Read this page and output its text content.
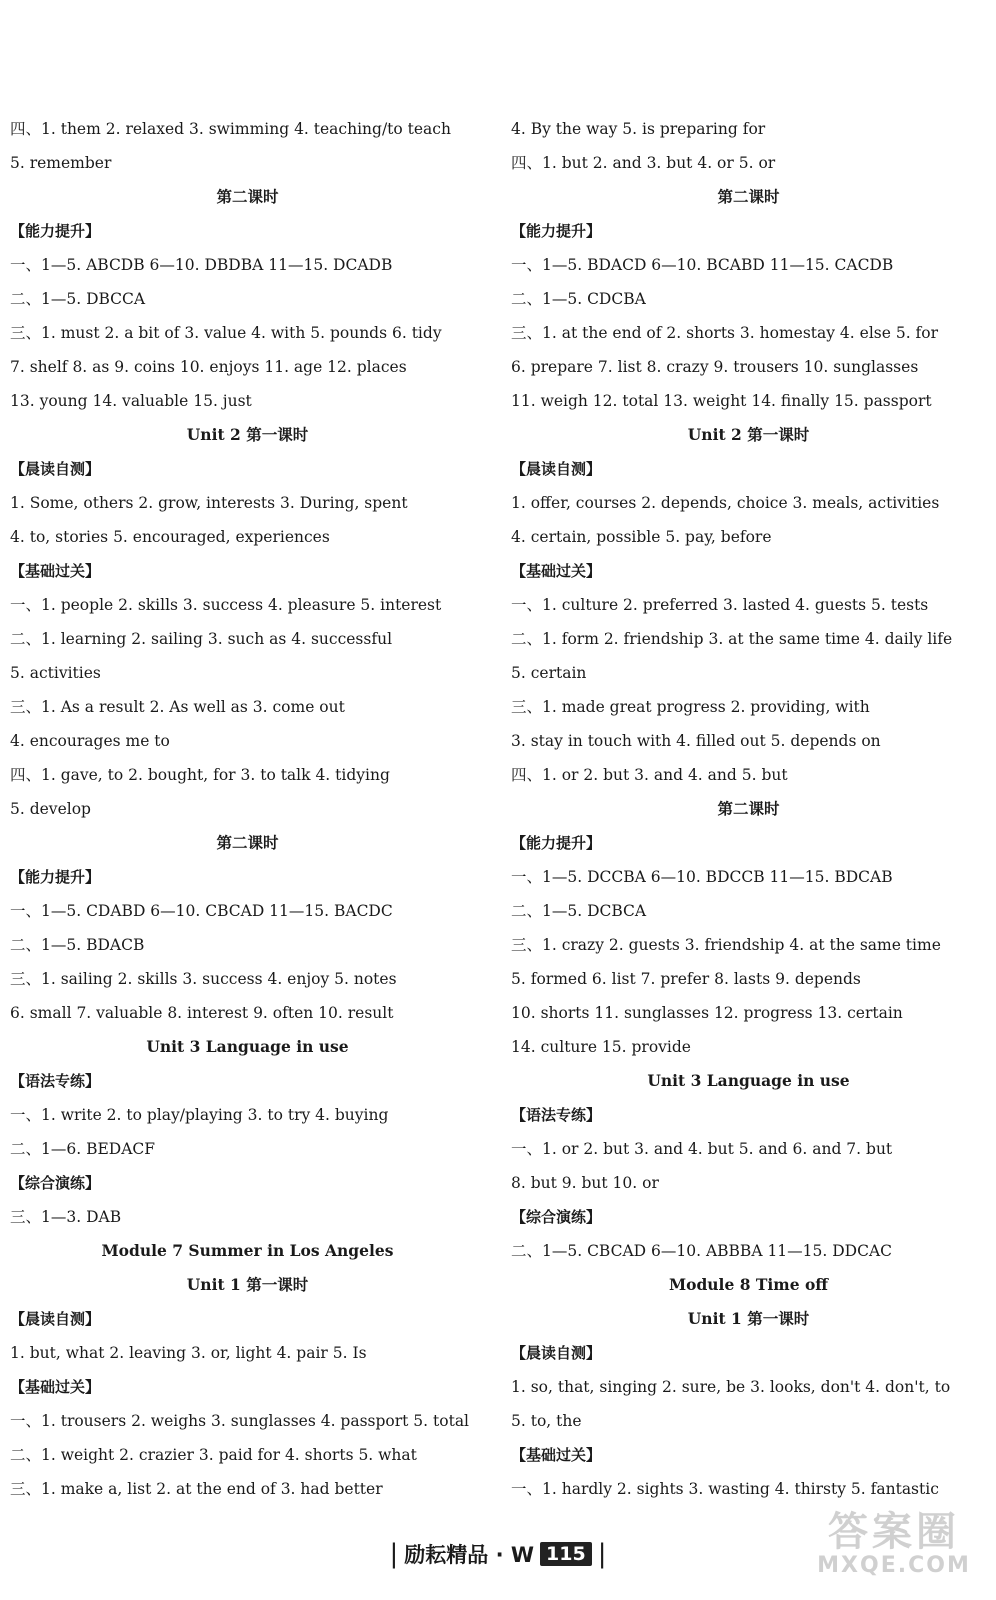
四、1. them 2. relaxed 3. swimming 4. teaching/to teach
5. remember
第二课时
【能力提升】
一、1—5. ABCDB 6—10. DBDBA 11—15. DCADB
二、1—5. DBCCA
三、1. must 2. a bit of 3. value 4. with 5. pounds 6. tidy
7. shelf 8. as 9. coins 10. enjoys 11. age 12. places
13. young 14. valuable 15. just
Unit 2 第一课时
【晨读自测】
1. Some, others 2. grow, interests 3. During, spent
4. to, stories 5. encouraged, experiences
【基础过关】
一、1. people 2. skills 3. success 4. pleasure 5. interest
二、1. learning 2. sailing 3. such as 4. successful
5. activities
三、1. As a result 2. As well as 3. come out
4. encourages me to
四、1. gave, to 2. bought, for 3. to talk 4. tidying
5. develop
第二课时
【能力提升】
一、1—5. CDABD 6—10. CBCAD 11—15. BACDC
二、1—5. BDACB
三、1. sailing 2. skills 3. success 4. enjoy 5. notes
6. small 7. valuable 8. interest 9. often 10. result
Unit 3 Language in use
【语法专练】
一、1. write 2. to play/playing 3. to try 4. buying
二、1—6. BEDACF
【综合演练】
三、1—3. DAB
Module 7 Summer in Los Angeles
Unit 1 第一课时
【晨读自测】
1. but, what 2. leaving 3. or, light 4. pair 5. Is
【基础过关】
一、1. trousers 2. weighs 3. sunglasses 4. passport 5. total
二、1. weight 2. crazier 3. paid for 4. shorts 5. what
三、1. make a, list 2. at the end of 3. had better
4. By the way 5. is preparing for
四、1. but 2. and 3. but 4. or 5. or
第二课时
【能力提升】
一、1—5. BDACD 6—10. BCABD 11—15. CACDB
二、1—5. CDCBA
三、1. at the end of 2. shorts 3. homestay 4. else 5. for
6. prepare 7. list 8. crazy 9. trousers 10. sunglasses
11. weigh 12. total 13. weight 14. finally 15. passport
Unit 2 第一课时
【晨读自测】
1. offer, courses 2. depends, choice 3. meals, activities
4. certain, possible 5. pay, before
【基础过关】
一、1. culture 2. preferred 3. lasted 4. guests 5. tests
二、1. form 2. friendship 3. at the same time 4. daily life
5. certain
三、1. made great progress 2. providing, with
3. stay in touch with 4. filled out 5. depends on
四、1. or 2. but 3. and 4. and 5. but
第二课时
【能力提升】
一、1—5. DCCBA 6—10. BDCCB 11—15. BDCAB
二、1—5. DCBCA
三、1. crazy 2. guests 3. friendship 4. at the same time
5. formed 6. list 7. prefer 8. lasts 9. depends
10. shorts 11. sunglasses 12. progress 13. certain
14. culture 15. provide
Unit 3 Language in use
【语法专练】
一、1. or 2. but 3. and 4. but 5. and 6. and 7. but
8. but 9. but 10. or
【综合演练】
二、1—5. CBCAD 6—10. ABBBA 11—15. DDCAC
Module 8 Time off
Unit 1 第一课时
【晨读自测】
1. so, that, singing 2. sure, be 3. looks, don't 4. don't, to
5. to, the
【基础过关】
一、1. hardly 2. sights 3. wasting 4. thirsty 5. fantastic
| 励耘精品 · W 115 |	答案圈
MXQE.COM
